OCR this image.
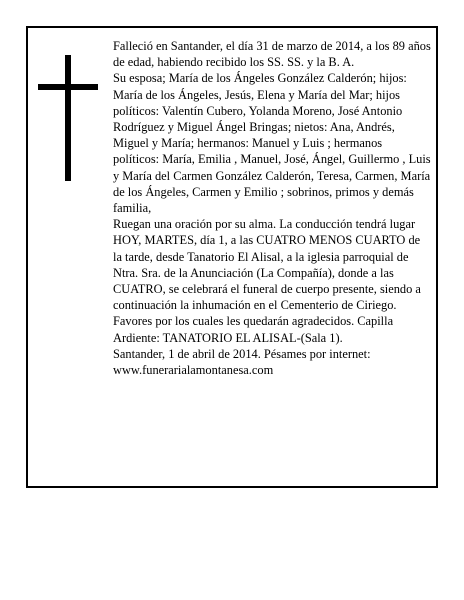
Falleció en Santander, el día 31 de marzo de 2014, a los 89 años de edad, habiendo recibido los SS. SS. y la B. A.

Su esposa; María de los Ángeles González Calderón; hijos: María de los Ángeles, Jesús, Elena y María del Mar; hijos políticos: Valentín Cubero, Yolanda Moreno, José Antonio Rodríguez y Miguel Ángel Bringas; nietos: Ana, Andrés, Miguel y María; hermanos: Manuel y Luis ; hermanos políticos: María, Emilia , Manuel, José, Ángel, Guillermo , Luis y María del Carmen González Calderón, Teresa, Carmen, María de los Ángeles, Carmen y Emilio ; sobrinos, primos y demás familia,

Ruegan una oración por su alma. La conducción tendrá lugar HOY, MARTES, día 1, a las CUATRO MENOS CUARTO de la tarde, desde Tanatorio El Alisal, a la iglesia parroquial de Ntra. Sra. de la Anunciación (La Compañía), donde a las CUATRO, se celebrará el funeral de cuerpo presente, siendo a continuación la inhumación en el Cementerio de Ciriego. Favores por los cuales les quedarán agradecidos. Capilla Ardiente: TANATORIO EL ALISAL-(Sala 1).

Santander, 1 de abril de 2014. Pésames por internet: www.funerarialamontanesa.com
